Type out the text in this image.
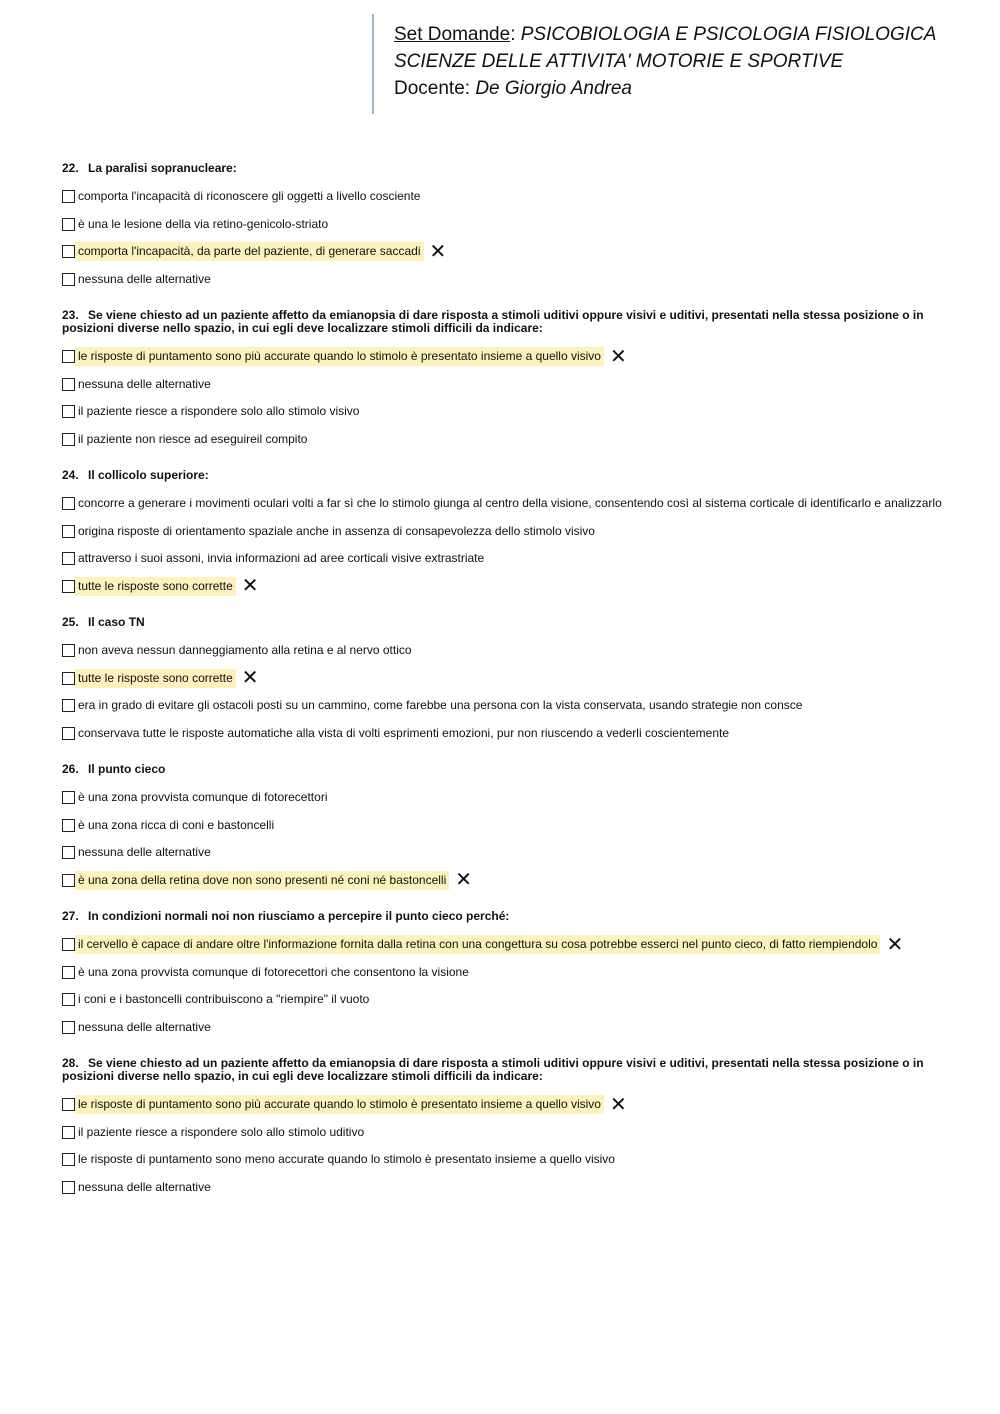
Set Domande: PSICOBIOLOGIA E PSICOLOGIA FISIOLOGICA
SCIENZE DELLE ATTIVITA' MOTORIE E SPORTIVE
Docente: De Giorgio Andrea
22. La paralisi sopranucleare:
comporta l'incapacità di riconoscere gli oggetti a livello cosciente
è una le lesione della via retino-genicolo-striato
comporta l'incapacità, da parte del paziente, di generare saccadi ✕
nessuna delle alternative
23. Se viene chiesto ad un paziente affetto da emianopsia di dare risposta a stimoli uditivi oppure visivi e uditivi, presentati nella stessa posizione o in posizioni diverse nello spazio, in cui egli deve localizzare stimoli difficili da indicare:
le risposte di puntamento sono più accurate quando lo stimolo è presentato insieme a quello visivo ✕
nessuna delle alternative
il paziente riesce a rispondere solo allo stimolo visivo
il paziente non riesce ad eseguireil compito
24. Il collicolo superiore:
concorre a generare i movimenti oculari volti a far sì che lo stimolo giunga al centro della visione, consentendo così al sistema corticale di identificarlo e analizzarlo
origina risposte di orientamento spaziale anche in assenza di consapevolezza dello stimolo visivo
attraverso i suoi assoni, invia informazioni ad aree corticali visive extrastriate
tutte le risposte sono corrette ✕
25. Il caso TN
non aveva nessun danneggiamento alla retina e al nervo ottico
tutte le risposte sono corrette ✕
era in grado di evitare gli ostacoli posti su un cammino, come farebbe una persona con la vista conservata, usando strategie non consce
conservava tutte le risposte automatiche alla vista di volti esprimenti emozioni, pur non riuscendo a vederli coscientemente
26. Il punto cieco
è una zona provvista comunque di fotorecettori
è una zona ricca di coni e bastoncelli
nessuna delle alternative
è una zona della retina dove non sono presenti né coni né bastoncelli ✕
27. In condizioni normali noi non riusciamo a percepire il punto cieco perché:
il cervello è capace di andare oltre l'informazione fornita dalla retina con una congettura su cosa potrebbe esserci nel punto cieco, di fatto riempiendolo ✕
è una zona provvista comunque di fotorecettori che consentono la visione
i coni e i bastoncelli contribuiscono a "riempire" il vuoto
nessuna delle alternative
28. Se viene chiesto ad un paziente affetto da emianopsia di dare risposta a stimoli uditivi oppure visivi e uditivi, presentati nella stessa posizione o in posizioni diverse nello spazio, in cui egli deve localizzare stimoli difficili da indicare:
le risposte di puntamento sono più accurate quando lo stimolo è presentato insieme a quello visivo ✕
il paziente riesce a rispondere solo allo stimolo uditivo
le risposte di puntamento sono meno accurate quando lo stimolo è presentato insieme a quello visivo
nessuna delle alternative
